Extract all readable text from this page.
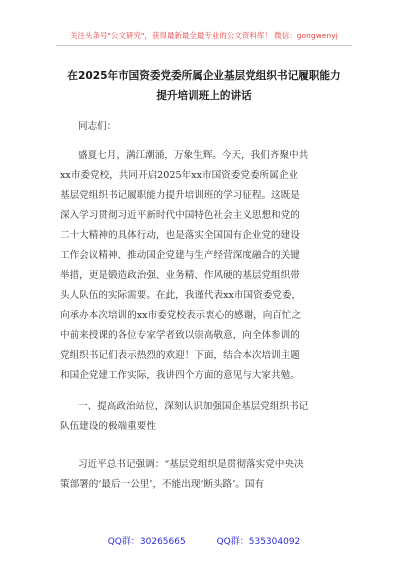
关注头条号"公文研究"，获得最新最全最专业的公文资料库！ 微信：gongwenyj
在2025年市国资委党委所属企业基层党组织书记履职能力
提升培训班上的讲话
同志们：
盛夏七月，满江潮涌，万象生辉。今天，我们齐聚中共
xx市委党校，共同开启2025年xx市国资委党委所属企业
基层党组织书记履职能力提升培训班的学习征程。这既是
深入学习贯彻习近平新时代中国特色社会主义思想和党的
二十大精神的具体行动，也是落实全国国有企业党的建设
工作会议精神、推动国企党建与生产经营深度融合的关键
举措，更是锻造政治强、业务精、作风硬的基层党组织带
头人队伍的实际需要。在此，我谨代表xx市国资委党委，
向承办本次培训的xx市委党校表示衷心的感谢，向百忙之
中前来授课的各位专家学者致以崇高敬意，向全体参训的
党组织书记们表示热烈的欢迎！下面，结合本次培训主题
和国企党建工作实际，我讲四个方面的意见与大家共勉。
一、提高政治站位，深刻认识加强国企基层党组织书记
队伍建设的极端重要性
习近平总书记强调：“基层党组织是贯彻落实党中央决
策部署的‘最后一公里’，不能出现‘断头路’。国有
QQ群：30265665	QQ群：535304092
